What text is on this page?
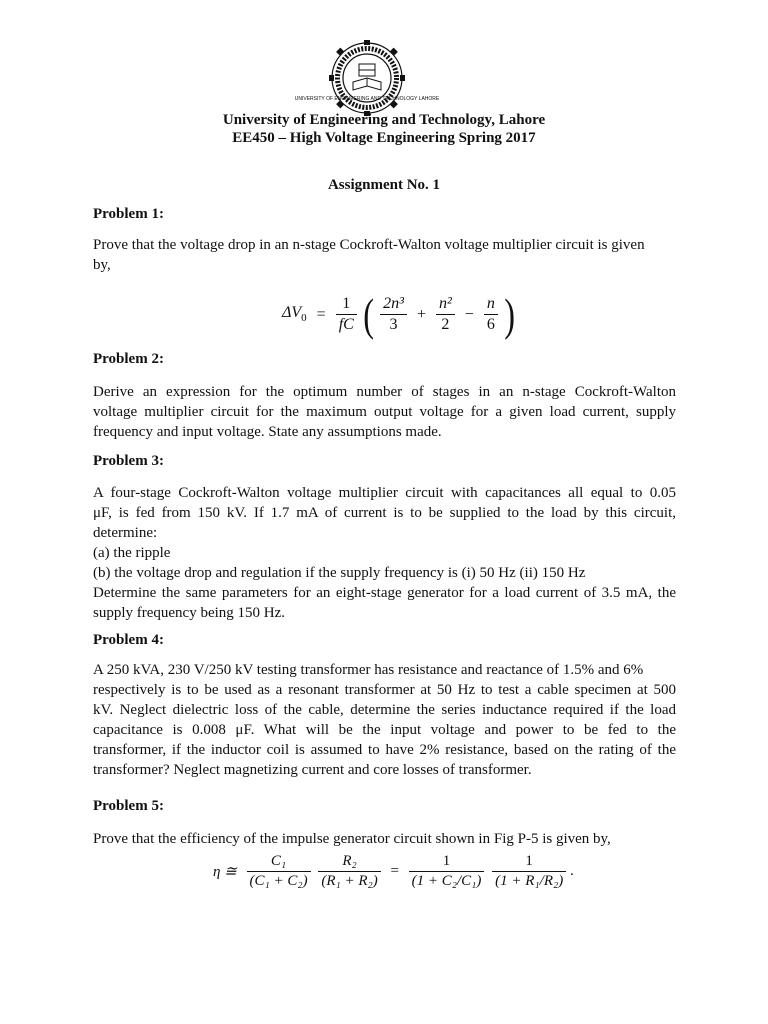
UNIVERSITY OF ENGINEERING AND TECHNOLOGY LAHORE
University of Engineering and Technology, Lahore
EE450 – High Voltage Engineering Spring 2017
Assignment No. 1
Problem 1:
Prove that the voltage drop in an n-stage Cockroft-Walton voltage multiplier circuit is given
by,
$\Delta V_0 = \frac{1}{fC}$ ( $\frac{\text{2n³}}{3} + \frac{\text{n²}}{2} - \frac{n}{6}$ )
Problem 2:
Derive an expression for the optimum number of stages in an n-stage Cockroft-Walton
voltage multiplier circuit for the maximum output voltage for a given load current, supply
frequency and input voltage. State any assumptions made.
Problem 3:
A four-stage Cockroft-Walton voltage multiplier circuit with capacitances all equal to 0.05
μF, is fed from 150 kV. If 1.7 mA of current is to be supplied to the load by this circuit,
determine:
(a) the ripple
(b) the voltage drop and regulation if the supply frequency is (i) 50 Hz (ii) 150 Hz
Determine the same parameters for an eight-stage generator for a load current of 3.5 mA, the
supply frequency being 150 Hz.
Problem 4:
A 250 kVA, 230 V/250 kV testing transformer has resistance and reactance of 1.5% and 6%
respectively is to be used as a resonant transformer at 50 Hz to test a cable specimen at 500
kV. Neglect dielectric loss of the cable, determine the series inductance required if the load
capacitance is 0.008 μF. What will be the input voltage and power to be fed to the
transformer, if the inductor coil is assumed to have 2% resistance, based on the rating of the
transformer? Neglect magnetizing current and core losses of transformer.
Problem 5:
Prove that the efficiency of the impulse generator circuit shown in Fig P-5 is given by,
η ≅ $\frac{\text{C₁}}{\text{(C₁ + C₂)}}$
$\frac{\text{R₂}}{\text{(R₁ + R₂)}} = \frac{1}{\text{(1 + C₂/C₁)}}$
$\frac{1}{\text{(1 + R₁/R₂)}}$ .
